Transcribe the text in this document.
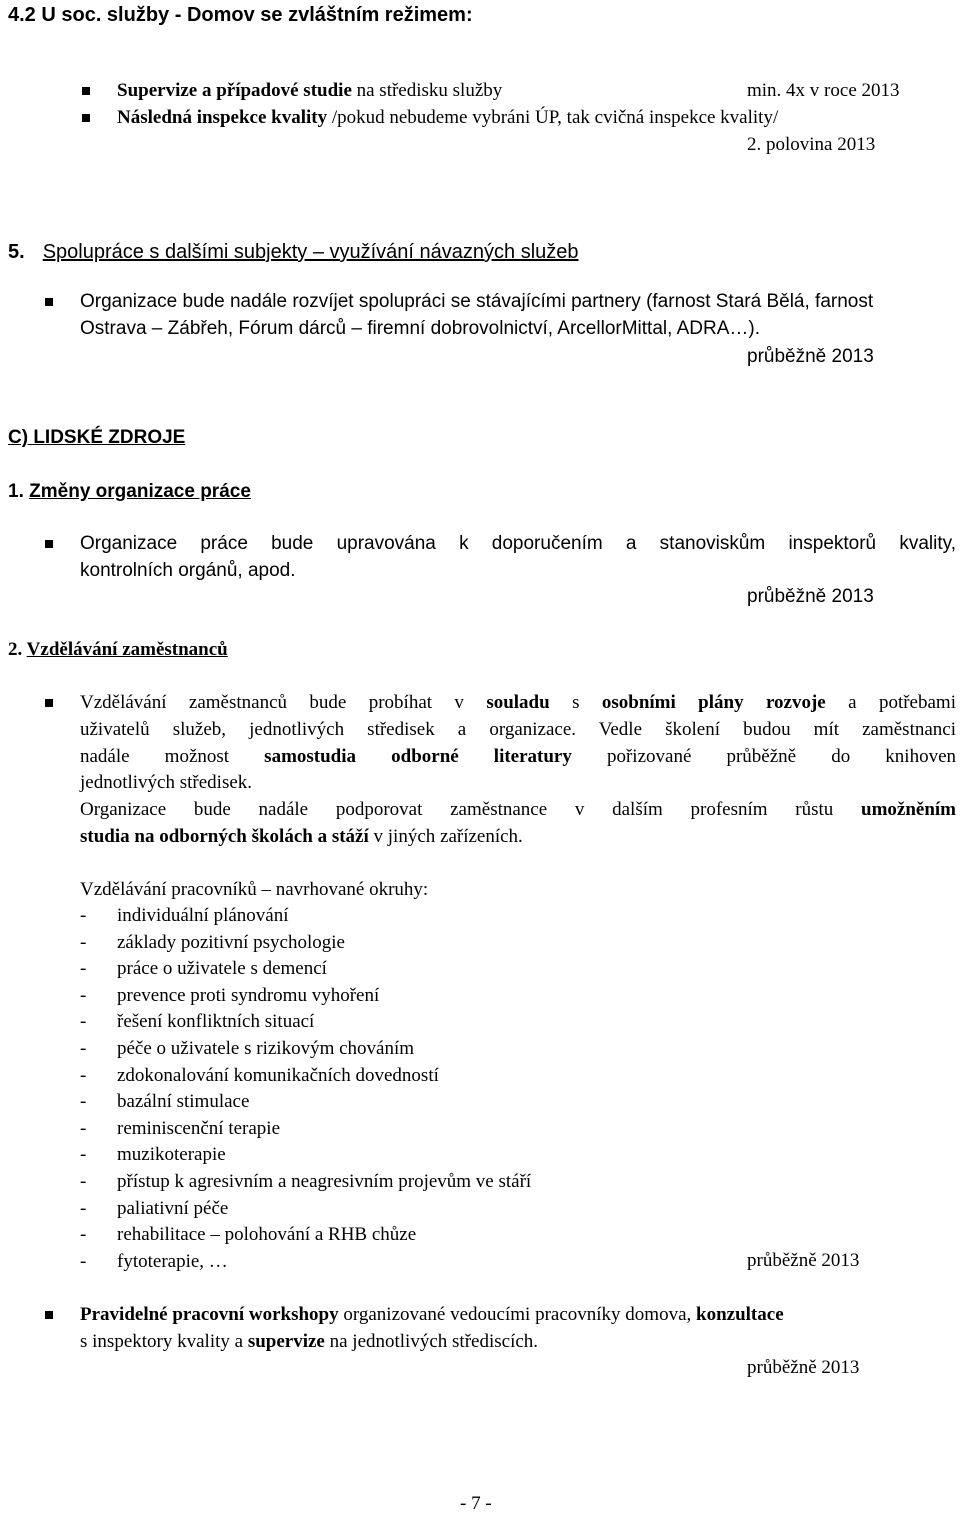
4.2 U soc. služby - Domov se zvláštním režimem:
Supervize a případové studie na středisku služby	min. 4x v roce 2013
Následná inspekce kvality /pokud nebudeme vybráni ÚP, tak cvičná inspekce kvality/
2. polovina 2013
5. Spolupráce s dalšími subjekty – využívání návazných služeb
Organizace bude nadále rozvíjet spolupráci se stávajícími partnery (farnost Stará Bělá, farnost
Ostrava – Zábřeh, Fórum dárců – firemní dobrovolnictví, ArcellorMittal, ADRA…).
průběžně 2013
C) LIDSKÉ ZDROJE
1. Změny organizace práce
Organizace práce bude upravována k doporučením a stanoviskům inspektorů kvality,
kontrolních orgánů, apod.
průběžně 2013
2. Vzdělávání zaměstnanců
Vzdělávání zaměstnanců bude probíhat v souladu s osobními plány rozvoje a potřebami
uživatelů služeb, jednotlivých středisek a organizace. Vedle školení budou mít zaměstnanci
nadále možnost samostudia odborné literatury pořizované průběžně do knihoven
jednotlivých středisek.
Organizace bude nadále podporovat zaměstnance v dalším profesním růstu umožněním
studia na odborných školách a stáží v jiných zařízeních.
Vzdělávání pracovníků – navrhované okruhy:
- individuální plánování
- základy pozitivní psychologie
- práce o uživatele s demencí
- prevence proti syndromu vyhoření
- řešení konfliktních situací
- péče o uživatele s rizikovým chováním
- zdokonalování komunikačních dovedností
- bazální stimulace
- reminiscenční terapie
- muzikoterapie
- přístup k agresivním a neagresivním projevům ve stáří
- paliativní péče
- rehabilitace – polohování a RHB chůze
- fytoterapie, …	průběžně 2013
Pravidelné pracovní workshopy organizované vedoucími pracovníky domova, konzultace
s inspektory kvality a supervize na jednotlivých střediscích.
průběžně 2013
- 7 -
